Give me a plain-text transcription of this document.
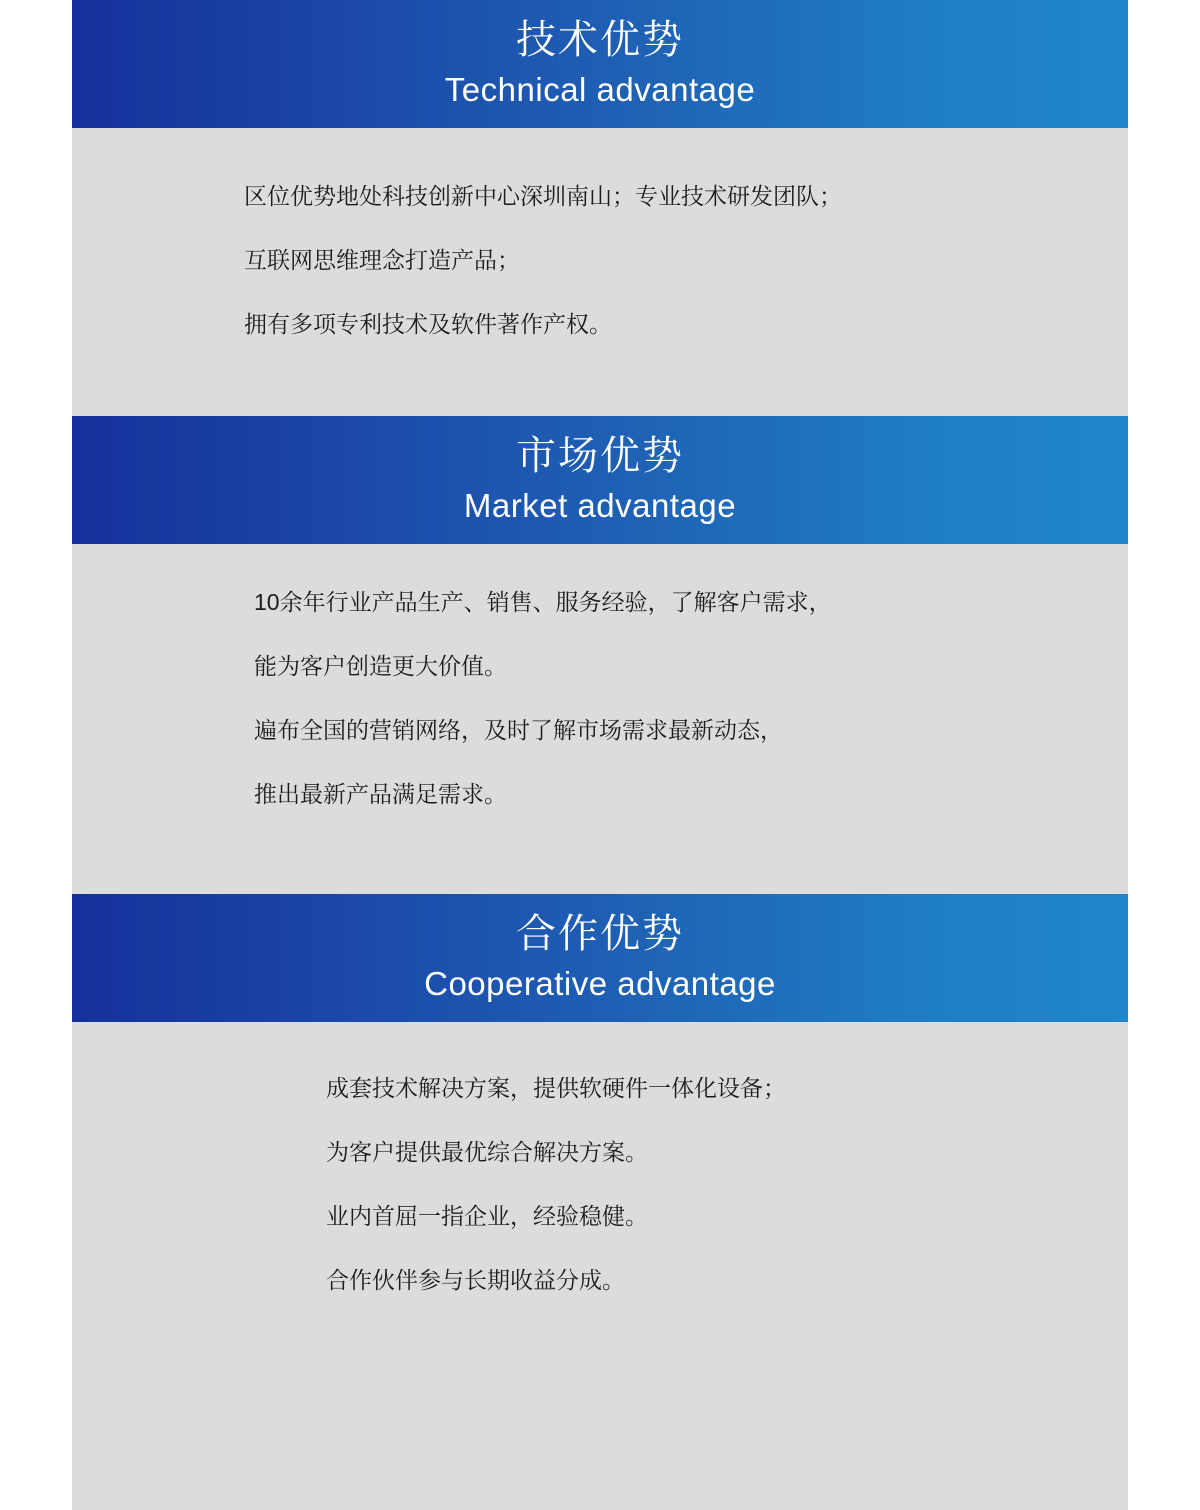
技术优势
Technical advantage
区位优势地处科技创新中心深圳南山；专业技术研发团队；
互联网思维理念打造产品；
拥有多项专利技术及软件著作产权。
市场优势
Market advantage
10余年行业产品生产、销售、服务经验，了解客户需求，
能为客户创造更大价值。
遍布全国的营销网络，及时了解市场需求最新动态，
推出最新产品满足需求。
合作优势
Cooperative advantage
成套技术解决方案，提供软硬件一体化设备；
为客户提供最优综合解决方案。
业内首屈一指企业，经验稳健。
合作伙伴参与长期收益分成。
